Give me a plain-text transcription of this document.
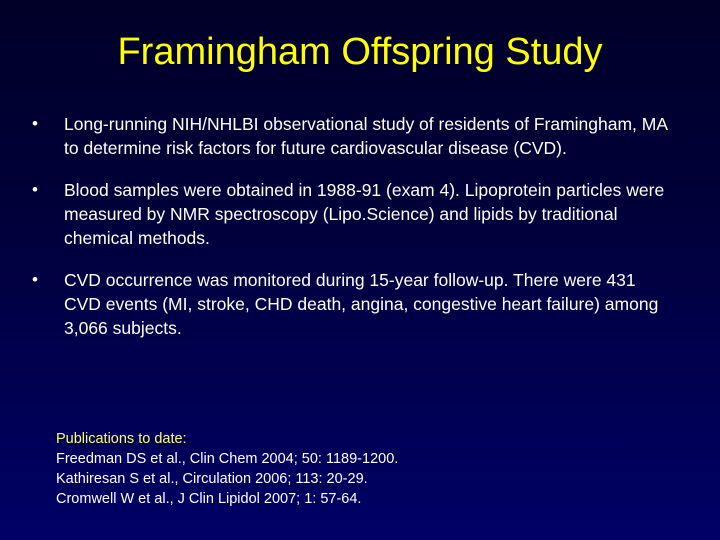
Framingham Offspring Study
• Long-running NIH/NHLBI observational study of residents of Framingham, MA to determine risk factors for future cardiovascular disease (CVD).
• Blood samples were obtained in 1988-91 (exam 4). Lipoprotein particles were measured by NMR spectroscopy (Lipo.Science) and lipids by traditional chemical methods.
• CVD occurrence was monitored during 15-year follow-up. There were 431 CVD events (MI, stroke, CHD death, angina, congestive heart failure) among 3,066 subjects.
Publications to date:
Freedman DS et al., Clin Chem 2004; 50: 1189-1200.
Kathiresan S et al., Circulation 2006; 113: 20-29.
Cromwell W et al., J Clin Lipidol 2007; 1: 57-64.
